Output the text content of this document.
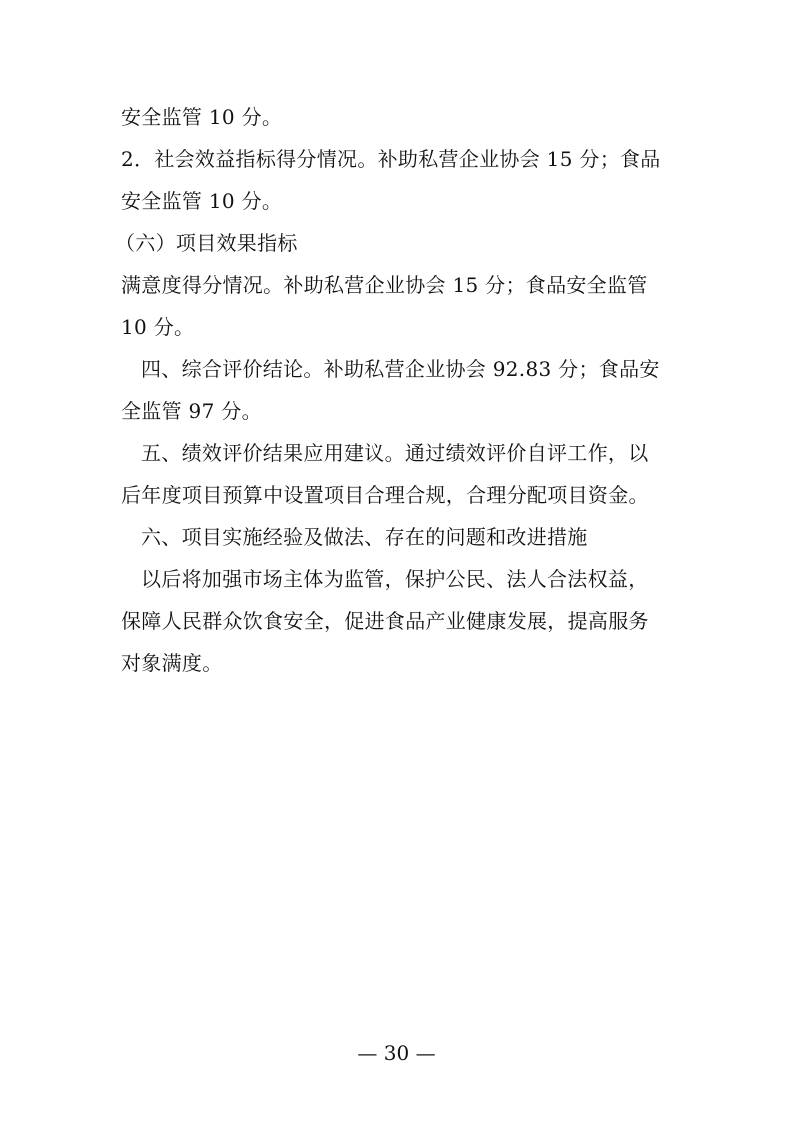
安全监管 10 分。
2．社会效益指标得分情况。补助私营企业协会 15 分；食品
安全监管 10 分。
（六）项目效果指标
满意度得分情况。补助私营企业协会 15 分；食品安全监管
10 分。
四、综合评价结论。补助私营企业协会 92.83 分；食品安
全监管 97 分。
五、绩效评价结果应用建议。通过绩效评价自评工作，以
后年度项目预算中设置项目合理合规，合理分配项目资金。
六、项目实施经验及做法、存在的问题和改进措施
以后将加强市场主体为监管，保护公民、法人合法权益，
保障人民群众饮食安全，促进食品产业健康发展，提高服务
对象满度。
— 30 —
